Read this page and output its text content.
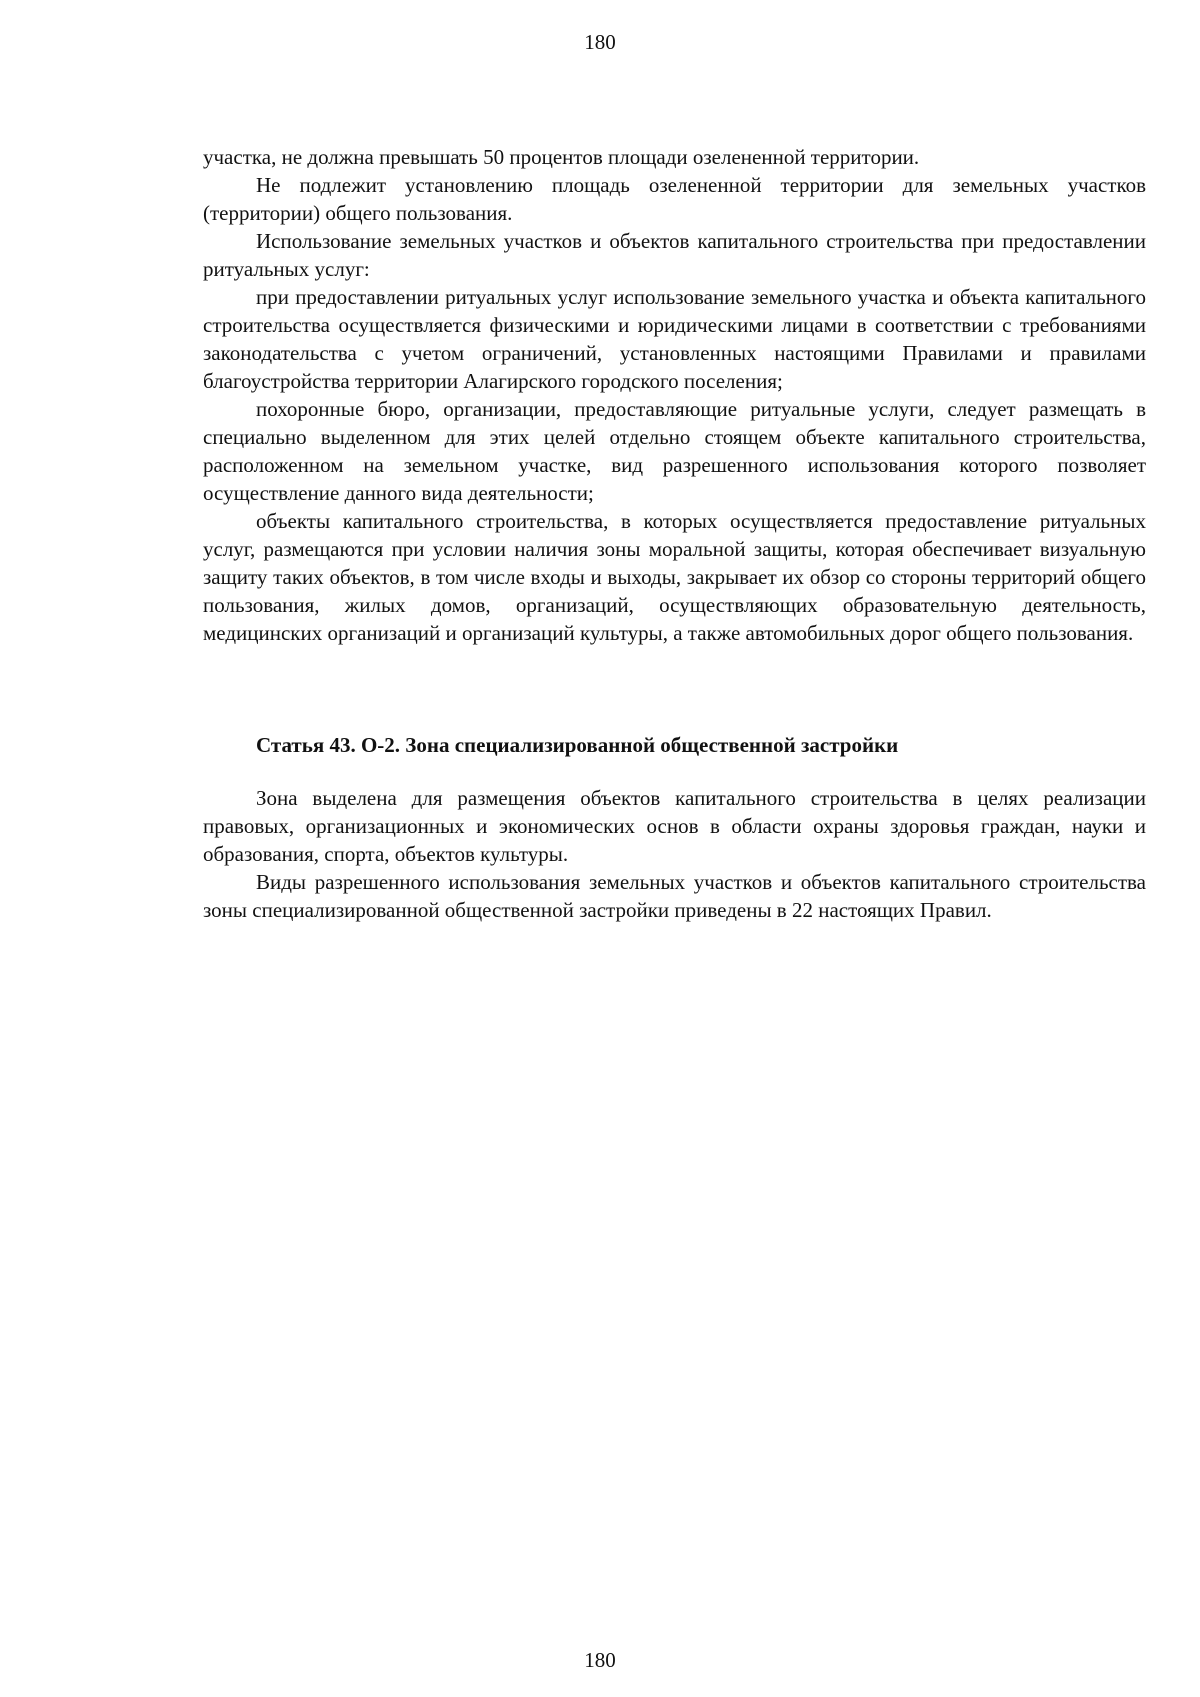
180

участка, не должна превышать 50 процентов площади озелененной территории.

Не подлежит установлению площадь озелененной территории для земельных участков (территории) общего пользования.

Использование земельных участков и объектов капитального строительства при предоставлении ритуальных услуг:

при предоставлении ритуальных услуг использование земельного участка и объекта капитального строительства осуществляется физическими и юридическими лицами в соответствии с требованиями законодательства с учетом ограничений, установленных настоящими Правилами и правилами благоустройства территории Алагирского городского поселения;

похоронные бюро, организации, предоставляющие ритуальные услуги, следует размещать в специально выделенном для этих целей отдельно стоящем объекте капитального строительства, расположенном на земельном участке, вид разрешенного использования которого позволяет осуществление данного вида деятельности;

объекты капитального строительства, в которых осуществляется предоставление ритуальных услуг, размещаются при условии наличия зоны моральной защиты, которая обеспечивает визуальную защиту таких объектов, в том числе входы и выходы, закрывает их обзор со стороны территорий общего пользования, жилых домов, организаций, осуществляющих образовательную деятельность, медицинских организаций и организаций культуры, а также автомобильных дорог общего пользования.

Статья 43. О-2. Зона специализированной общественной застройки

Зона выделена для размещения объектов капитального строительства в целях реализации правовых, организационных и экономических основ в области охраны здоровья граждан, науки и образования, спорта, объектов культуры.

Виды разрешенного использования земельных участков и объектов капитального строительства зоны специализированной общественной застройки приведены в 22 настоящих Правил.

180
